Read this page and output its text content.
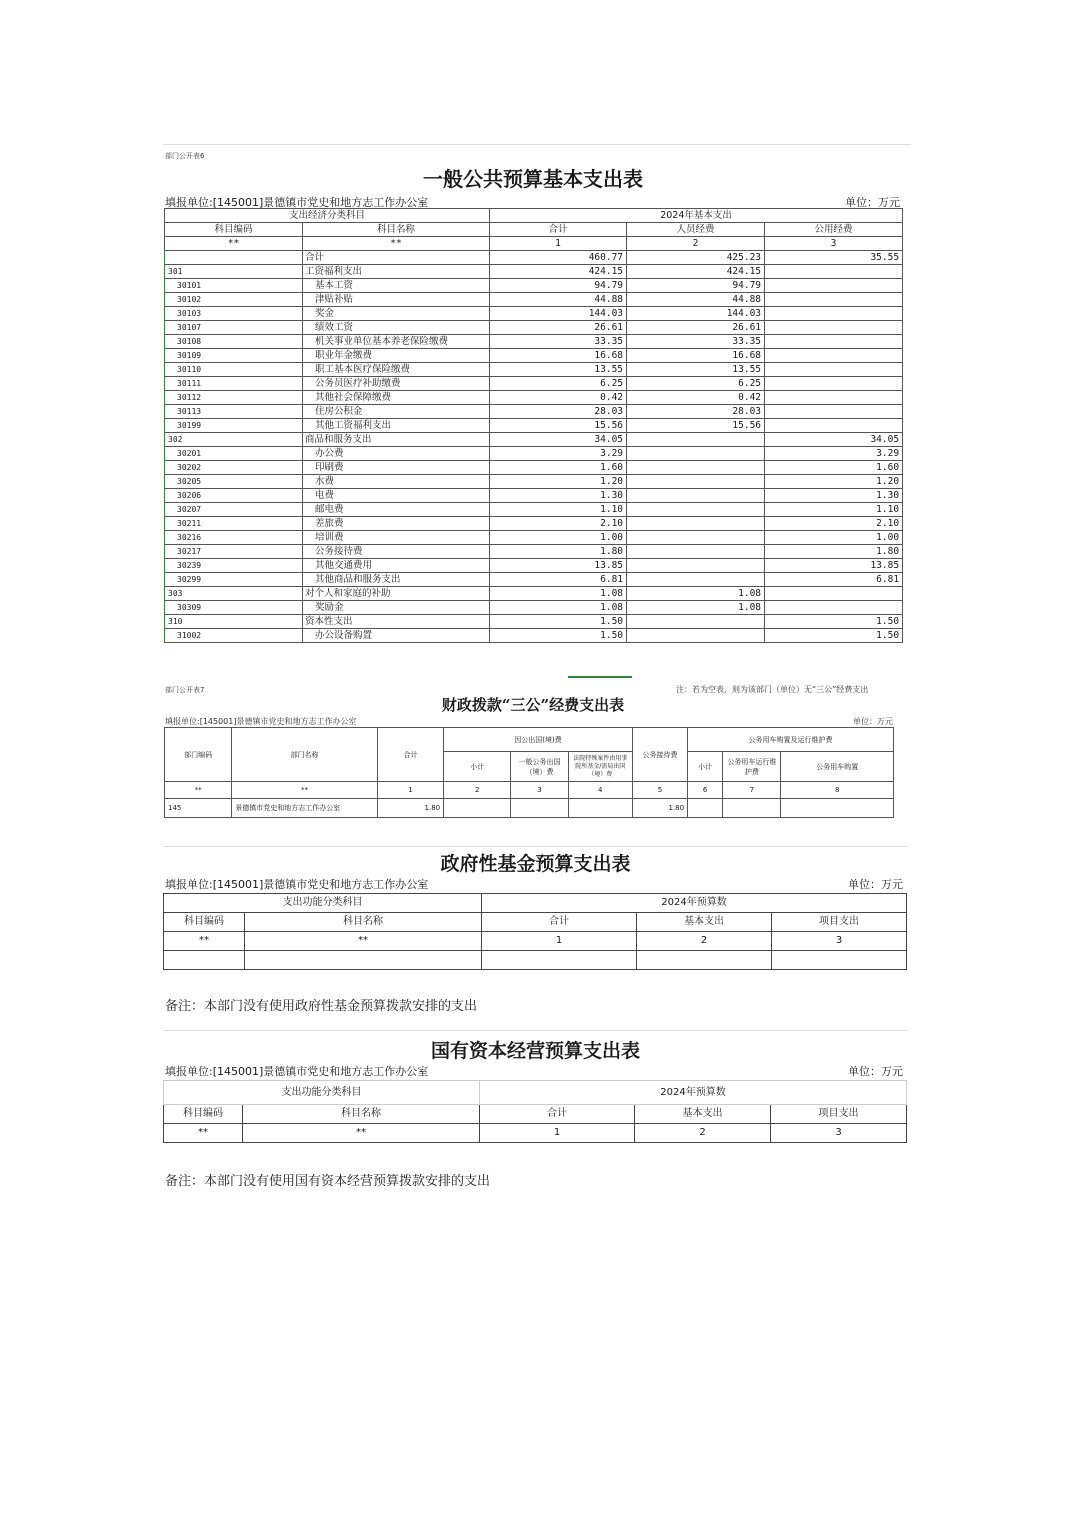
部门公开表6
一般公共预算基本支出表
填报单位:[145001]景德镇市党史和地方志工作办公室	单位：万元
支出经济分类科目		2024年基本支出		
科目编码	科目名称	合计	人员经费	公用经费
**	**	1	2	3
	合计	460.77	425.23	35.55
301	工资福利支出	424.15	424.15	
30101	基本工资	94.79	94.79	
30102	津贴补贴	44.88	44.88	
30103	奖金	144.03	144.03	
30107	绩效工资	26.61	26.61	
30108	机关事业单位基本养老保险缴费	33.35	33.35	
30109	职业年金缴费	16.68	16.68	
30110	职工基本医疗保险缴费	13.55	13.55	
30111	公务员医疗补助缴费	6.25	6.25	
30112	其他社会保障缴费	0.42	0.42	
30113	住房公积金	28.03	28.03	
30199	其他工资福利支出	15.56	15.56	
302	商品和服务支出	34.05		34.05
30201	办公费	3.29		3.29
30202	印刷费	1.60		1.60
30205	水费	1.20		1.20
30206	电费	1.30		1.30
30207	邮电费	1.10		1.10
30211	差旅费	2.10		2.10
30216	培训费	1.00		1.00
30217	公务接待费	1.80		1.80
30239	其他交通费用	13.85		13.85
30299	其他商品和服务支出	6.81		6.81
303	对个人和家庭的补助	1.08	1.08	
30309	奖励金	1.08	1.08	
310	资本性支出	1.50		1.50
31002	办公设备购置	1.50		1.50
部门公开表7	注：若为空表，则为该部门（单位）无“三公”经费支出
财政拨款“三公”经费支出表
填报单位:[145001]景德镇市党史和地方志工作办公室	单位：万元
部门编码	部门名称	合计	因公出国(境)费			公务接待费	公务用车购置及运行维护费		
			小计	一般公务出国（境）费	法院特殊案件由用事院所基金/需局出国（境）费		小计	公务用车运行维护费	公务用车购置
**	**	1	2	3	4	5	6	7	8
145	景德镇市党史和地方志工作办公室	1.80				1.80			
政府性基金预算支出表
填报单位:[145001]景德镇市党史和地方志工作办公室	单位：万元
支出功能分类科目		2024年预算数		
科目编码	科目名称	合计	基本支出	项目支出
**	**	1	2	3

备注：本部门没有使用政府性基金预算拨款安排的支出
国有资本经营预算支出表
填报单位:[145001]景德镇市党史和地方志工作办公室	单位：万元
支出功能分类科目		2024年预算数		
科目编码	科目名称	合计	基本支出	项目支出
**	**	1	2	3
备注：本部门没有使用国有资本经营预算拨款安排的支出
